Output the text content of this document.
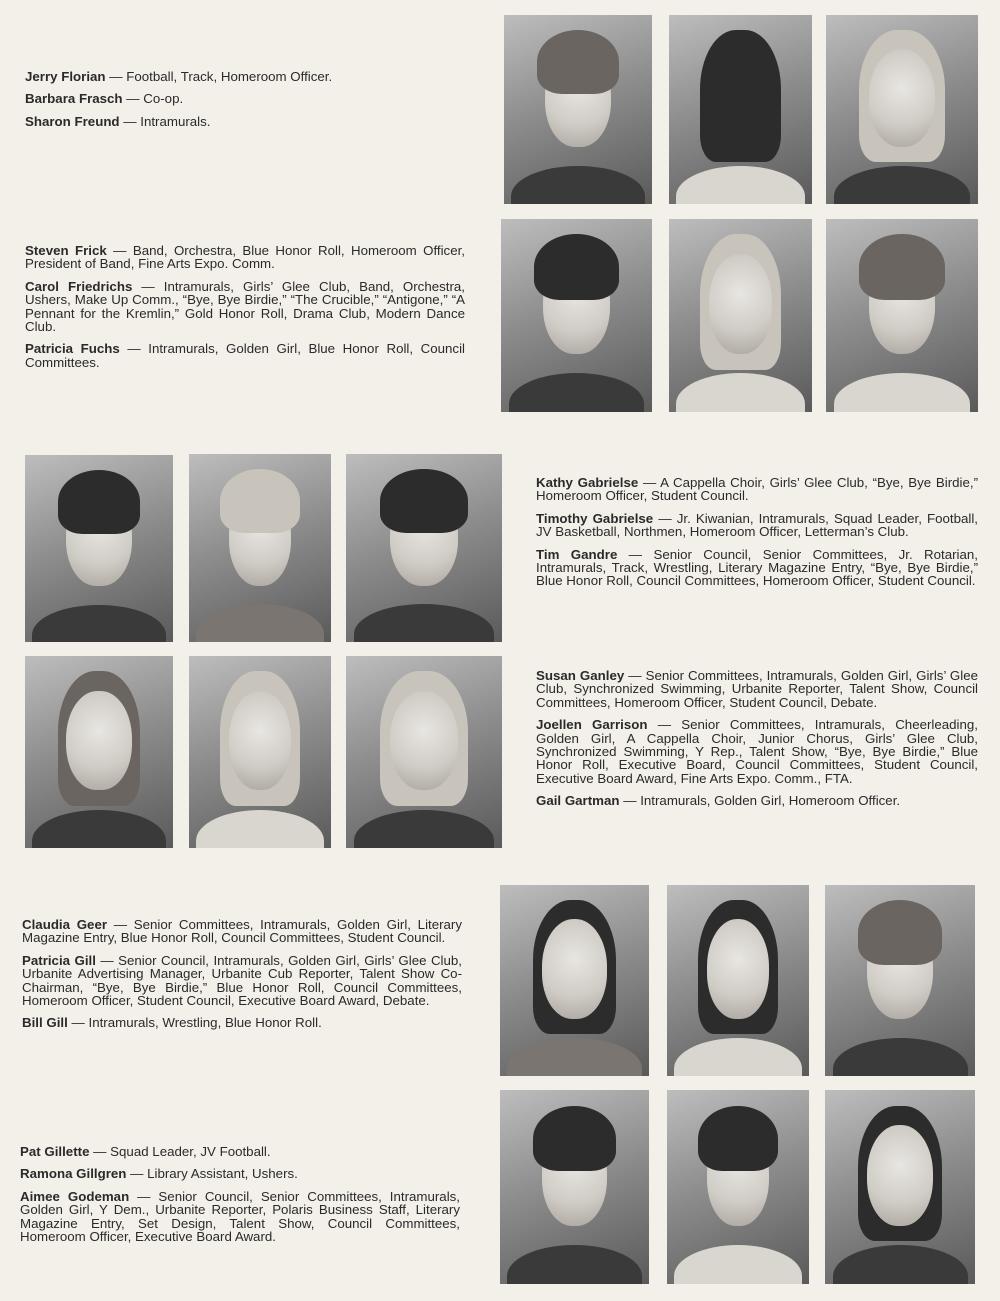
Jerry Florian — Football, Track, Homeroom Officer.

Barbara Frasch — Co-op.

Sharon Freund — Intramurals.

Steven Frick — Band, Orchestra, Blue Honor Roll, Homeroom Officer, President of Band, Fine Arts Expo. Comm.

Carol Friedrichs — Intramurals, Girls’ Glee Club, Band, Orchestra, Ushers, Make Up Comm., “Bye, Bye Birdie,” “The Crucible,” “Antigone,” “A Pennant for the Kremlin,” Gold Honor Roll, Drama Club, Modern Dance Club.

Patricia Fuchs — Intramurals, Golden Girl, Blue Honor Roll, Council Committees.

Kathy Gabrielse — A Cappella Choir, Girls’ Glee Club, “Bye, Bye Birdie,” Homeroom Officer, Student Council.

Timothy Gabrielse — Jr. Kiwanian, Intramurals, Squad Leader, Football, JV Basketball, Northmen, Homeroom Officer, Letterman’s Club.

Tim Gandre — Senior Council, Senior Committees, Jr. Rotarian, Intramurals, Track, Wrestling, Literary Magazine Entry, “Bye, Bye Birdie,” Blue Honor Roll, Council Committees, Homeroom Officer, Student Council.

Susan Ganley — Senior Committees, Intramurals, Golden Girl, Girls’ Glee Club, Synchronized Swimming, Urbanite Reporter, Talent Show, Council Committees, Homeroom Officer, Student Council, Debate.

Joellen Garrison — Senior Committees, Intramurals, Cheerleading, Golden Girl, A Cappella Choir, Junior Chorus, Girls’ Glee Club, Synchronized Swimming, Y Rep., Talent Show, “Bye, Bye Birdie,” Blue Honor Roll, Executive Board, Council Committees, Student Council, Executive Board Award, Fine Arts Expo. Comm., FTA.

Gail Gartman — Intramurals, Golden Girl, Homeroom Officer.

Claudia Geer — Senior Committees, Intramurals, Golden Girl, Literary Magazine Entry, Blue Honor Roll, Council Committees, Student Council.

Patricia Gill — Senior Council, Intramurals, Golden Girl, Girls’ Glee Club, Urbanite Advertising Manager, Urbanite Cub Reporter, Talent Show Co-Chairman, “Bye, Bye Birdie,” Blue Honor Roll, Council Committees, Homeroom Officer, Student Council, Executive Board Award, Debate.

Bill Gill — Intramurals, Wrestling, Blue Honor Roll.

Pat Gillette — Squad Leader, JV Football.

Ramona Gillgren — Library Assistant, Ushers.

Aimee Godeman — Senior Council, Senior Committees, Intramurals, Golden Girl, Y Dem., Urbanite Reporter, Polaris Business Staff, Literary Magazine Entry, Set Design, Talent Show, Council Committees, Homeroom Officer, Executive Board Award.
